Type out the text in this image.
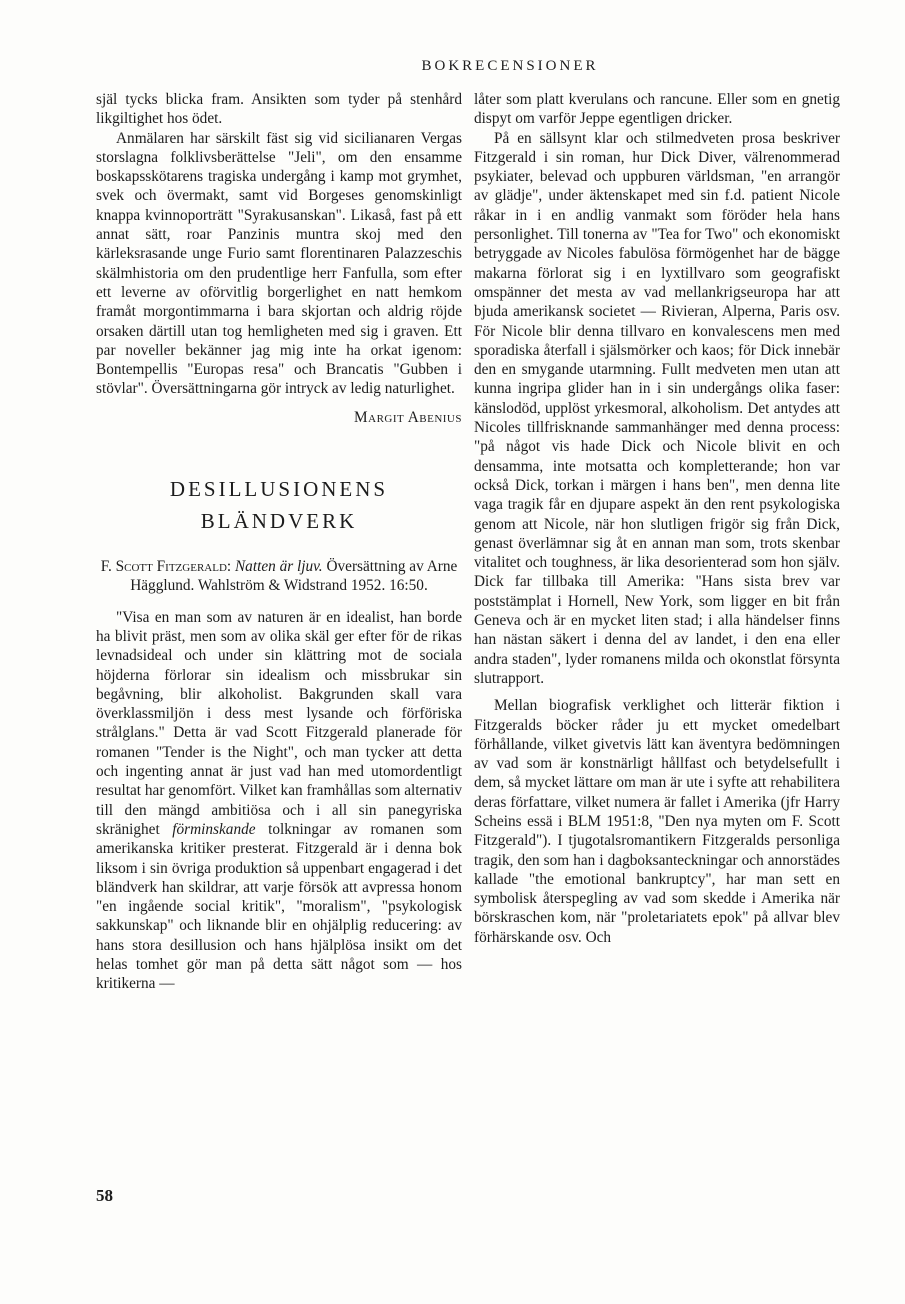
BOKRECENSIONER

själ tycks blicka fram. Ansikten som tyder på stenhård likgiltighet hos ödet.

Anmälaren har särskilt fäst sig vid sicilianaren Vergas storslagna folklivsberättelse "Jeli", om den ensamme boskapsskötarens tragiska undergång i kamp mot grymhet, svek och övermakt, samt vid Borgeses genomskinligt knappa kvinnoporträtt "Syrakusanskan". Likaså, fast på ett annat sätt, roar Panzinis muntra skoj med den kärleksrasande unge Furio samt florentinaren Palazzeschis skälmhistoria om den prudentlige herr Fanfulla, som efter ett leverne av oförvitlig borgerlighet en natt hemkom framåt morgontimmarna i bara skjortan och aldrig röjde orsaken därtill utan tog hemligheten med sig i graven. Ett par noveller bekänner jag mig inte ha orkat igenom: Bontempellis "Europas resa" och Brancatis "Gubben i stövlar". Översättningarna gör intryck av ledig naturlighet.

Margit Abenius

DESILLUSIONENS BLÄNDVERK

F. Scott Fitzgerald: Natten är ljuv. Översättning av Arne Hägglund. Wahlström & Widstrand 1952. 16:50.

"Visa en man som av naturen är en idealist, han borde ha blivit präst, men som av olika skäl ger efter för de rikas levnadsideal och under sin klättring mot de sociala höjderna förlorar sin idealism och missbrukar sin begåvning, blir alkoholist. Bakgrunden skall vara överklassmiljön i dess mest lysande och förföriska strålglans." Detta är vad Scott Fitzgerald planerade för romanen "Tender is the Night", och man tycker att detta och ingenting annat är just vad han med utomordentligt resultat har genomfört. Vilket kan framhållas som alternativ till den mängd ambitiösa och i all sin panegyriska skränighet förminskande tolkningar av romanen som amerikanska kritiker presterat. Fitzgerald är i denna bok liksom i sin övriga produktion så uppenbart engagerad i det bländverk han skildrar, att varje försök att avpressa honom "en ingående social kritik", "moralism", "psykologisk sakkunskap" och liknande blir en ohjälplig reducering: av hans stora desillusion och hans hjälplösa insikt om det helas tomhet gör man på detta sätt något som — hos kritikerna —

låter som platt kverulans och rancune. Eller som en gnetig dispyt om varför Jeppe egentligen dricker.

På en sällsynt klar och stilmedveten prosa beskriver Fitzgerald i sin roman, hur Dick Diver, välrenommerad psykiater, belevad och uppburen världsman, "en arrangör av glädje", under äktenskapet med sin f.d. patient Nicole råkar in i en andlig vanmakt som föröder hela hans personlighet. Till tonerna av "Tea for Two" och ekonomiskt betryggade av Nicoles fabulösa förmögenhet har de bägge makarna förlorat sig i en lyxtillvaro som geografiskt omspänner det mesta av vad mellankrigseuropa har att bjuda amerikansk societet — Rivieran, Alperna, Paris osv. För Nicole blir denna tillvaro en konvalescens men med sporadiska återfall i själsmörker och kaos; för Dick innebär den en smygande utarmning. Fullt medveten men utan att kunna ingripa glider han in i sin undergångs olika faser: känslodöd, upplöst yrkesmoral, alkoholism. Det antydes att Nicoles tillfrisknande sammanhänger med denna process: "på något vis hade Dick och Nicole blivit en och densamma, inte motsatta och kompletterande; hon var också Dick, torkan i märgen i hans ben", men denna lite vaga tragik får en djupare aspekt än den rent psykologiska genom att Nicole, när hon slutligen frigör sig från Dick, genast överlämnar sig åt en annan man som, trots skenbar vitalitet och toughness, är lika desorienterad som hon själv. Dick far tillbaka till Amerika: "Hans sista brev var poststämplat i Hornell, New York, som ligger en bit från Geneva och är en mycket liten stad; i alla händelser finns han nästan säkert i denna del av landet, i den ena eller andra staden", lyder romanens milda och okonstlat försynta slutrapport.

Mellan biografisk verklighet och litterär fiktion i Fitzgeralds böcker råder ju ett mycket omedelbart förhållande, vilket givetvis lätt kan äventyra bedömningen av vad som är konstnärligt hållfast och betydelsefullt i dem, så mycket lättare om man är ute i syfte att rehabilitera deras författare, vilket numera är fallet i Amerika (jfr Harry Scheins essä i BLM 1951:8, "Den nya myten om F. Scott Fitzgerald"). I tjugotalsromantikern Fitzgeralds personliga tragik, den som han i dagboksanteckningar och annorstädes kallade "the emotional bankruptcy", har man sett en symbolisk återspegling av vad som skedde i Amerika när börskraschen kom, när "proletariatets epok" på allvar blev förhärskande osv. Och

58
